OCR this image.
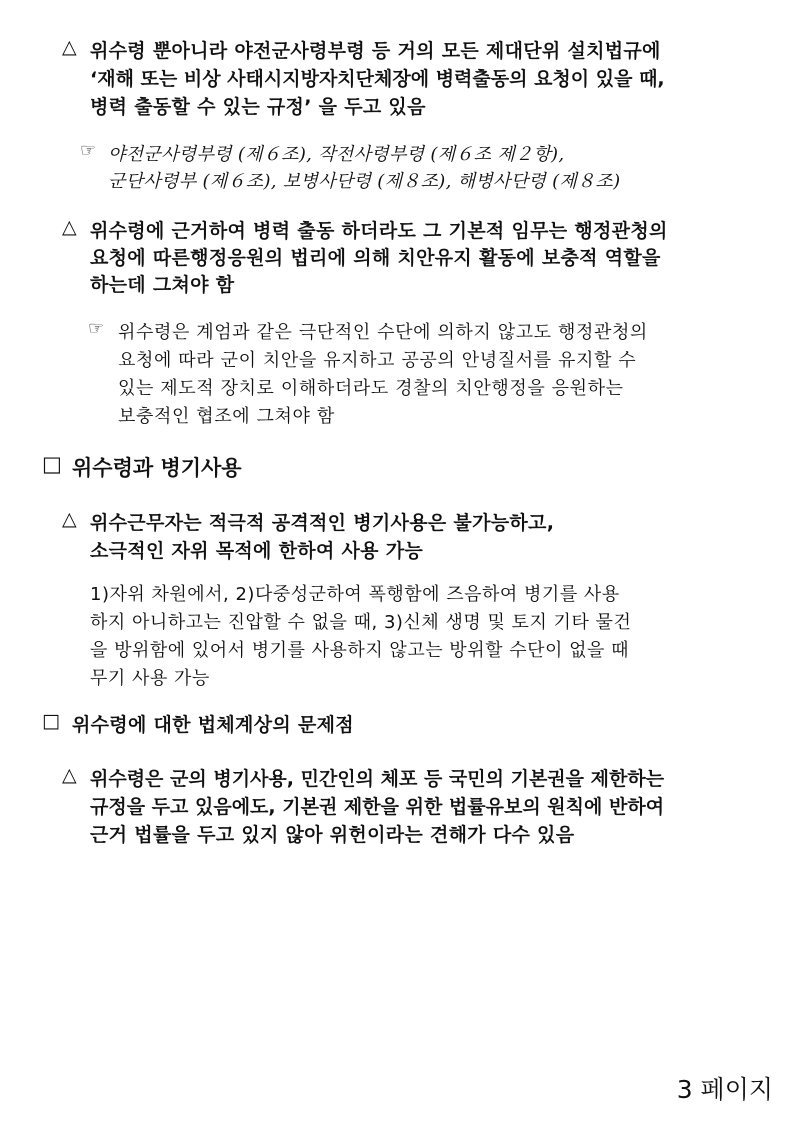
△ 위수령 뿐아니라 야전군사령부령 등 거의 모든 제대단위 설치법규에
‘재해 또는 비상 사태시지방자치단체장에 병력출동의 요청이 있을 때,
병력 출동할 수 있는 규정’ 을 두고 있음
☞ 야전군사령부령 (제６조), 작전사령부령 (제６조 제２항),
군단사령부 (제６조), 보병사단령 (제８조), 해병사단령 (제８조)
△ 위수령에 근거하여 병력 출동 하더라도 그 기본적 임무는 행정관청의
요청에 따른행정응원의 법리에 의해 치안유지 활동에 보충적 역할을
하는데 그쳐야 함
☞ 위수령은 계엄과 같은 극단적인 수단에 의하지 않고도 행정관청의
요청에 따라 군이 치안을 유지하고 공공의 안녕질서를 유지할 수
있는 제도적 장치로 이해하더라도 경찰의 치안행정을 응원하는
보충적인 협조에 그쳐야 함
□ 위수령과 병기사용
△ 위수근무자는 적극적 공격적인 병기사용은 불가능하고,
소극적인 자위 목적에 한하여 사용 가능
1)자위 차원에서, 2)다중성군하여 폭행함에 즈음하여 병기를 사용
하지 아니하고는 진압할 수 없을 때, 3)신체 생명 및 토지 기타 물건
을 방위함에 있어서 병기를 사용하지 않고는 방위할 수단이 없을 때
무기 사용 가능
□ 위수령에 대한 법체계상의 문제점
△ 위수령은 군의 병기사용, 민간인의 체포 등 국민의 기본권을 제한하는
규정을 두고 있음에도, 기본권 제한을 위한 법률유보의 원칙에 반하여
근거 법률을 두고 있지 않아 위헌이라는 견해가 다수 있음
3 페이지
